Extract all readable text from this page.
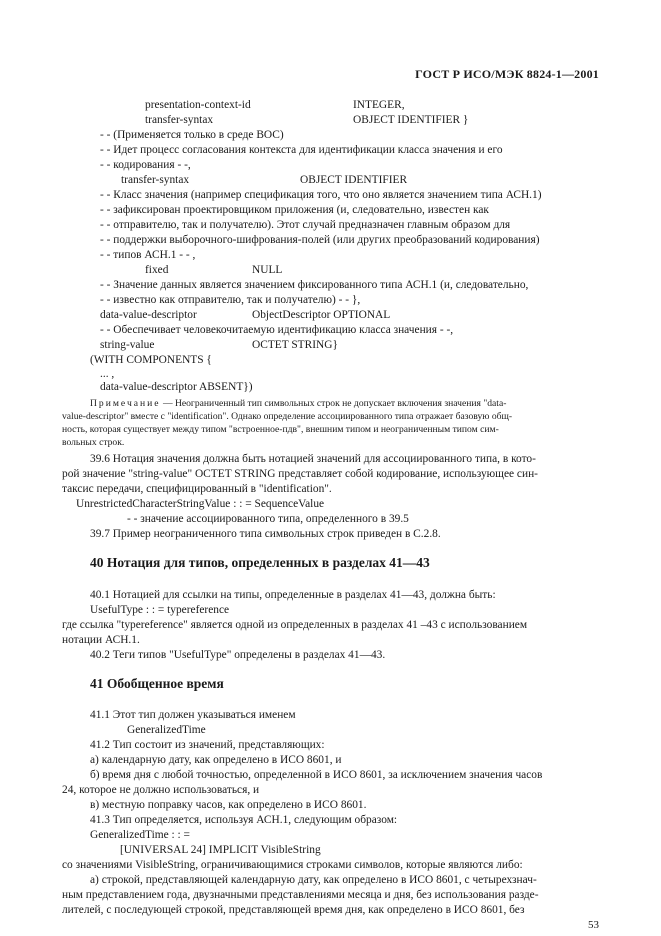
ГОСТ Р ИСО/МЭК 8824-1—2001
presentation-context-id	INTEGER,
transfer-syntax	OBJECT IDENTIFIER }
- - (Применяется только в среде ВОС)
- - Идет процесс согласования контекста для идентификации класса значения и его
- - кодирования - -,
transfer-syntax	OBJECT IDENTIFIER
- - Класс значения (например спецификация того, что оно является значением типа АСН.1)
- - зафиксирован проектировщиком приложения (и, следовательно, известен как
- - отправителю, так и получателю). Этот случай предназначен главным образом для
- - поддержки выборочного-шифрования-полей (или других преобразований кодирования)
- - типов АСН.1 - - ,
fixed	NULL
- - Значение данных является значением фиксированного типа АСН.1 (и, следовательно,
- - известно как отправителю, так и получателю) - - },
data-value-descriptor	ObjectDescriptor OPTIONAL
- - Обеспечивает человекочитаемую идентификацию класса значения - -,
string-value	OCTET STRING}
(WITH COMPONENTS {
... ,
data-value-descriptor ABSENT})
Примечание — Неограниченный тип символьных строк не допускает включения значения "data-
value-descriptor" вместе с "identification". Однако определение ассоциированного типа отражает базовую общ-
ность, которая существует между типом "встроенное-пдв", внешним типом и неограниченным типом сим-
вольных строк.
39.6 Нотация значения должна быть нотацией значений для ассоциированного типа, в кото-
рой значение "string-value" OCTET STRING представляет собой кодирование, использующее син-
таксис передачи, специфицированный в "identification".
UnrestrictedCharacterStringValue : : = SequenceValue
- - значение ассоциированного типа, определенного в 39.5
39.7 Пример неограниченного типа символьных строк приведен в С.2.8.
40 Нотация для типов, определенных в разделах 41—43
40.1 Нотацией для ссылки на типы, определенные в разделах 41—43, должна быть:
UsefulType : : = typereference
где ссылка "typereference" является одной из определенных в разделах 41 –43 с использованием
нотации АСН.1.
40.2 Теги типов "UsefulType" определены в разделах 41—43.
41 Обобщенное время
41.1 Этот тип должен указываться именем
GeneralizedTime
41.2 Тип состоит из значений, представляющих:
а) календарную дату, как определено в ИСО 8601, и
б) время дня с любой точностью, определенной в ИСО 8601, за исключением значения часов
24, которое не должно использоваться, и
в) местную поправку часов, как определено в ИСО 8601.
41.3 Тип определяется, используя АСН.1, следующим образом:
GeneralizedTime : : =
[UNIVERSAL 24] IMPLICIT VisibleString
со значениями VisibleString, ограничивающимися строками символов, которые являются либо:
а) строкой, представляющей календарную дату, как определено в ИСО 8601, с четырехзнач-
ным представлением года, двузначными представлениями месяца и дня, без использования разде-
лителей, с последующей строкой, представляющей время дня, как определено в ИСО 8601, без
53
